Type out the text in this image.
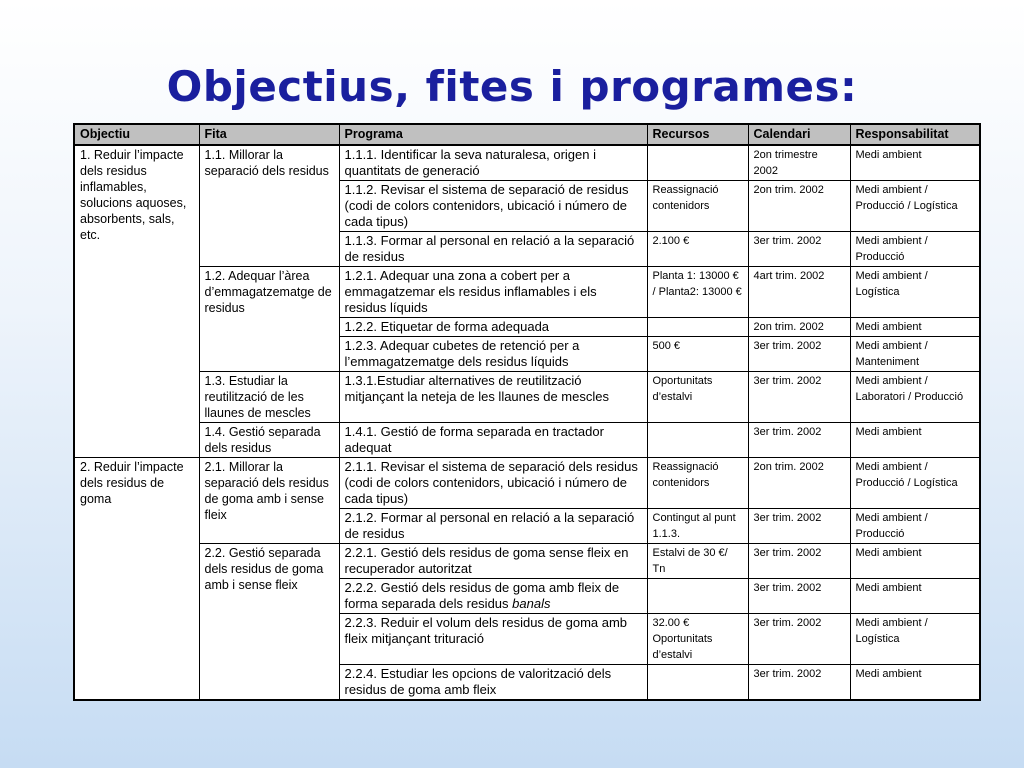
Objectius, fites i programes:
Objectiu	Fita	Programa	Recursos	Calendari	Responsabilitat
1. Reduir l’impacte dels residus inflamables, solucions aquoses, absorbents, sals, etc.	1.1. Millorar la separació dels residus	1.1.1. Identificar la seva naturalesa, origen i quantitats de generació		2on trimestre 2002	Medi ambient
		1.1.2. Revisar el sistema de separació de residus (codi de colors contenidors, ubicació i número de cada tipus)	Reassignació contenidors	2on trim. 2002	Medi ambient / Producció / Logística
		1.1.3. Formar al personal en relació a la separació de residus	2.100 €	3er trim. 2002	Medi ambient / Producció
	1.2. Adequar l’àrea d’emmagatzematge de residus	1.2.1. Adequar una zona a cobert per a emmagatzemar els residus inflamables i els residus líquids	Planta 1: 13000 € / Planta2: 13000 €	4art trim. 2002	Medi ambient / Logística
		1.2.2. Etiquetar de forma adequada		2on trim. 2002	Medi ambient
		1.2.3. Adequar cubetes de retenció per a l’emmagatzematge dels residus líquids	500 €	3er trim. 2002	Medi ambient / Manteniment
	1.3. Estudiar la reutilització de les llaunes de mescles	1.3.1.Estudiar alternatives de reutilització mitjançant la neteja de les llaunes de mescles	Oportunitats d’estalvi	3er trim. 2002	Medi ambient / Laboratori / Producció
	1.4. Gestió separada dels residus	1.4.1. Gestió de forma separada en tractador adequat		3er trim. 2002	Medi ambient
2. Reduir l’impacte dels residus de goma	2.1. Millorar la separació dels residus de goma amb i sense fleix	2.1.1. Revisar el sistema de separació dels residus (codi de colors contenidors, ubicació i número de cada tipus)	Reassignació contenidors	2on trim. 2002	Medi ambient / Producció / Logística
		2.1.2. Formar al personal en relació a la separació de residus	Contingut al punt 1.1.3.	3er trim. 2002	Medi ambient / Producció
	2.2. Gestió separada dels residus de goma amb i sense fleix	2.2.1. Gestió dels residus de goma sense fleix en recuperador autoritzat	Estalvi de 30 €/ Tn	3er trim. 2002	Medi ambient
		2.2.2. Gestió dels residus de goma amb fleix de forma separada dels residus banals		3er trim. 2002	Medi ambient
		2.2.3. Reduir el volum dels residus de goma amb fleix mitjançant trituració	32.00 € Oportunitats d’estalvi	3er trim. 2002	Medi ambient / Logística
		2.2.4. Estudiar les opcions de valorització dels residus de goma amb fleix		3er trim. 2002	Medi ambient
